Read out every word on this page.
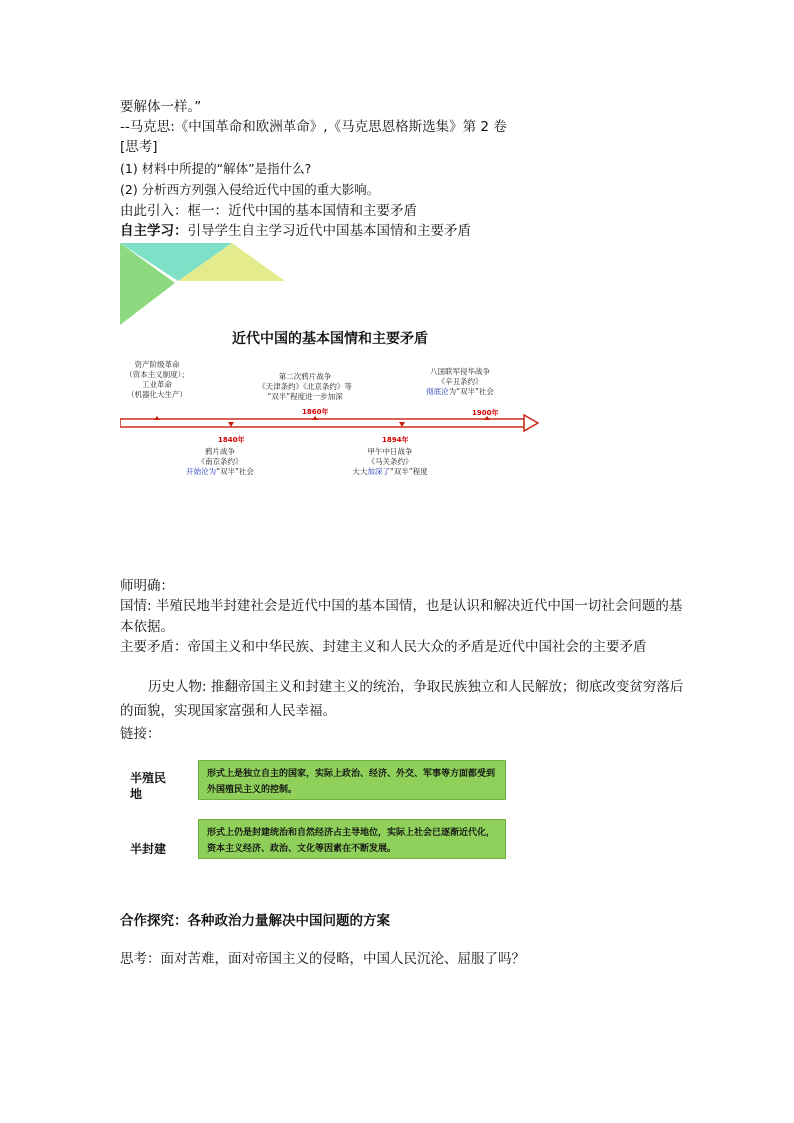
要解体一样。”
--马克思:《中国革命和欧洲革命》,《马克思恩格斯选集》第 2 卷
[思考]
(1) 材料中所提的“解体”是指什么?
(2) 分析西方列强入侵给近代中国的重大影响。
由此引入：框一：近代中国的基本国情和主要矛盾
自主学习：引导学生自主学习近代中国基本国情和主要矛盾
近代中国的基本国情和主要矛盾
资产阶级革命
（资本主义制度）；
工业革命
（机器化大生产）
第二次鸦片战争
《天津条约》《北京条约》等
“双半”程度进一步加深
1860年
八国联军侵华战争
《辛丑条约》
彻底沦为“双半”社会
1900年
1840年
鸦片战争
《南京条约》
开始沦为“双半”社会
1894年
甲午中日战争
《马关条约》
大大加深了“双半”程度
师明确：
国情: 半殖民地半封建社会是近代中国的基本国情，也是认识和解决近代中国一切社会问题的基本依据。
主要矛盾：帝国主义和中华民族、封建主义和人民大众的矛盾是近代中国社会的主要矛盾
历史人物: 推翻帝国主义和封建主义的统治，争取民族独立和人民解放；彻底改变贫穷落后的面貌，实现国家富强和人民幸福。
链接：
半殖民地
形式上是独立自主的国家，实际上政治、经济、外交、军事等方面都受到外国殖民主义的控制。
半封建
形式上仍是封建统治和自然经济占主导地位，实际上社会已逐渐近代化，资本主义经济、政治、文化等因素在不断发展。
合作探究：各种政治力量解决中国问题的方案
思考：面对苦难，面对帝国主义的侵略，中国人民沉沦、屈服了吗？
